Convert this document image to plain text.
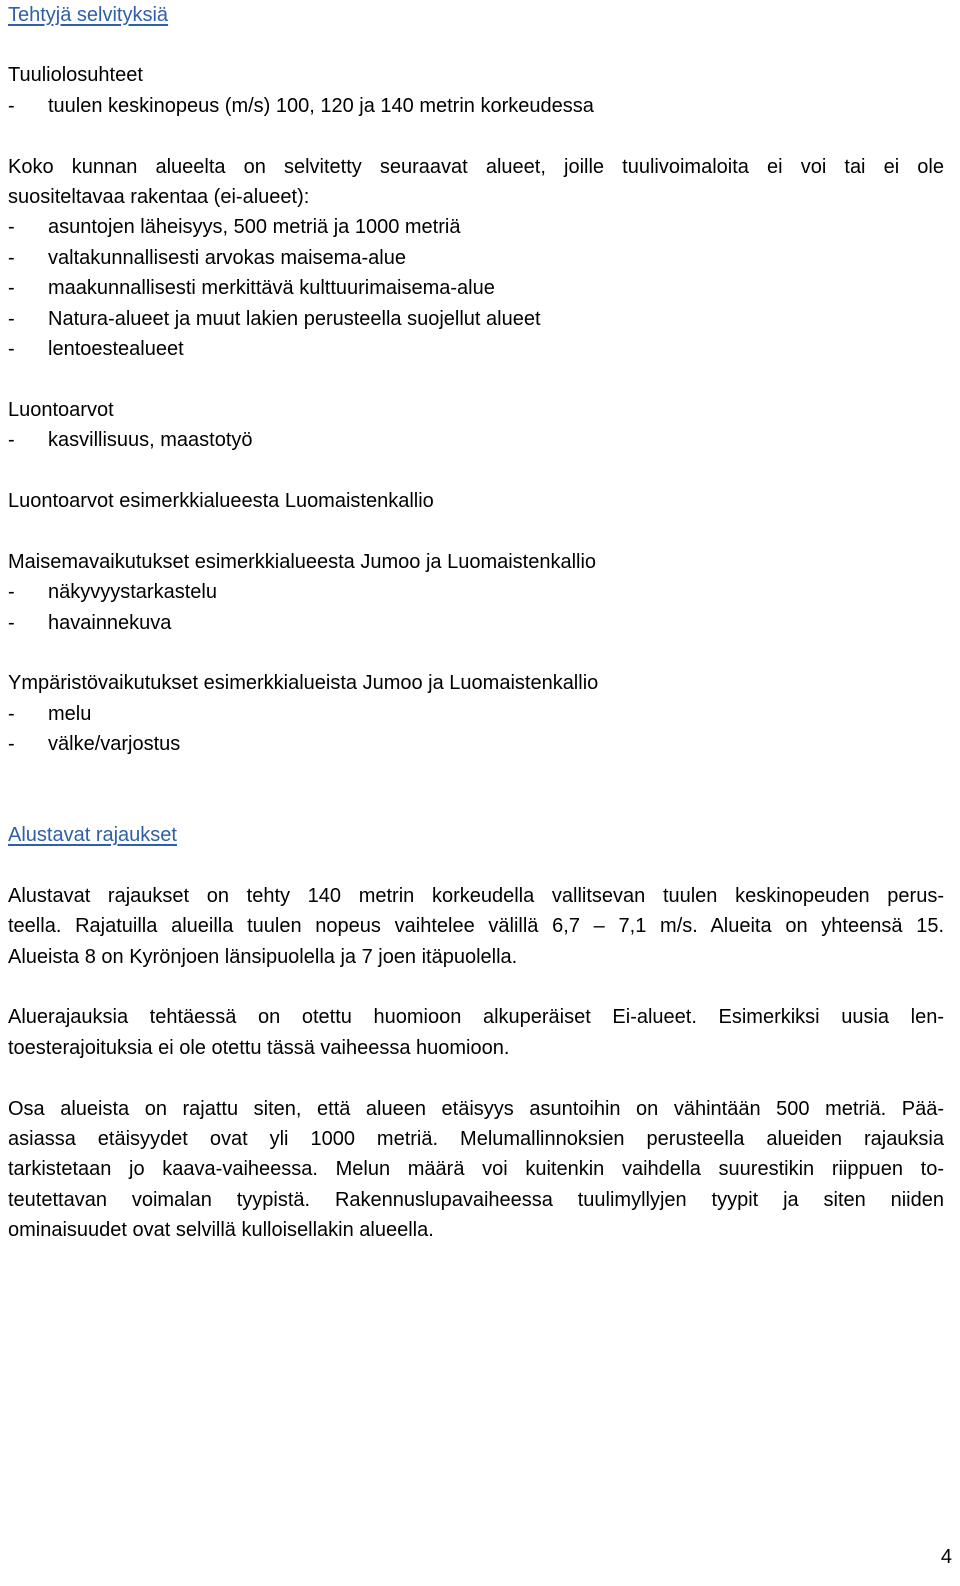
Tehtyjä selvityksiä

Tuuliolosuhteet

-	tuulen keskinopeus (m/s) 100, 120 ja 140 metrin korkeudessa
Koko kunnan alueelta on selvitetty seuraavat alueet, joille tuulivoimaloita ei voi tai ei ole
suositeltavaa rakentaa (ei-alueet):
-	asuntojen läheisyys, 500 metriä ja 1000 metriä
-	valtakunnallisesti arvokas maisema-alue
-	maakunnallisesti merkittävä kulttuurimaisema-alue
-	Natura-alueet ja muut lakien perusteella suojellut alueet
-	lentoestealueet

Luontoarvot

-	kasvillisuus, maastotyö

Luontoarvot esimerkkialueesta Luomaistenkallio

Maisemavaikutukset esimerkkialueesta Jumoo ja Luomaistenkallio

-	näkyvyystarkastelu
-	havainnekuva

Ympäristövaikutukset esimerkkialueista Jumoo ja Luomaistenkallio

-	melu
-	välke/varjostus

Alustavat rajaukset

Alustavat rajaukset on tehty 140 metrin korkeudella vallitsevan tuulen keskinopeuden perus-
teella. Rajatuilla alueilla tuulen nopeus vaihtelee välillä 6,7 – 7,1 m/s. Alueita on yhteensä 15.
Alueista 8 on Kyrönjoen länsipuolella ja 7 joen itäpuolella.
Aluerajauksia tehtäessä on otettu huomioon alkuperäiset Ei-alueet. Esimerkiksi uusia len-
toesterajoituksia ei ole otettu tässä vaiheessa huomioon.
Osa alueista on rajattu siten, että alueen etäisyys asuntoihin on vähintään 500 metriä. Pää-
asiassa etäisyydet ovat yli 1000 metriä. Melumallinnoksien perusteella alueiden rajauksia
tarkistetaan jo kaava-vaiheessa. Melun määrä voi kuitenkin vaihdella suurestikin riippuen to-
teutettavan voimalan tyypistä. Rakennuslupavaiheessa tuulimyllyjen tyypit ja siten niiden
ominaisuudet ovat selvillä kulloisellakin alueella.
4
